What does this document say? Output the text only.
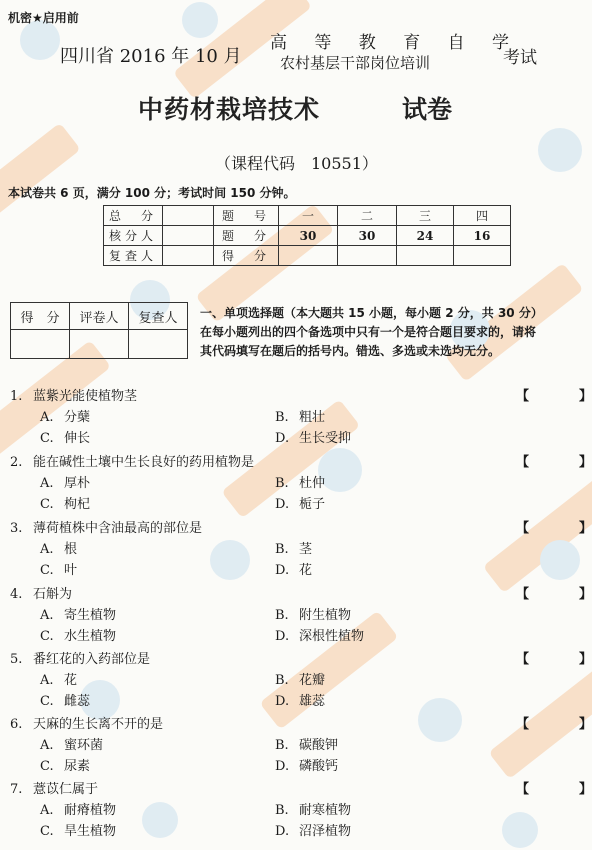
机密★启用前
四川省 2016 年 10 月
高 等 教 育 自 学
农村基层干部岗位培训	考试
中药材栽培技术	试卷
（课程代码　10551）
本试卷共 6 页，满分 100 分；考试时间 150 分钟。
总　分		题　号	一	二	三	四
核分人		题　分	30	30	24	16
复查人		得　分				
得　分	评卷人	复查人
		一、单项选择题（本大题共 15 小题，每小题 2 分，共 30 分）
在每小题列出的四个备选项中只有一个是符合题目要求的，请将
其代码填写在题后的括号内。错选、多选或未选均无分。
1. 蓝紫光能使植物茎	【	】
A. 分蘖	B. 粗壮
C. 伸长	D. 生长受抑
2. 能在碱性土壤中生长良好的药用植物是	【	】
A. 厚朴	B. 杜仲
C. 枸杞	D. 栀子
3. 薄荷植株中含油最高的部位是	【	】
A. 根	B. 茎
C. 叶	D. 花
4. 石斛为	【	】
A. 寄生植物	B. 附生植物
C. 水生植物	D. 深根性植物
5. 番红花的入药部位是	【	】
A. 花	B. 花瓣
C. 雌蕊	D. 雄蕊
6. 天麻的生长离不开的是	【	】
A. 蜜环菌	B. 碳酸钾
C. 尿素	D. 磷酸钙
7. 薏苡仁属于	【	】
A. 耐瘠植物	B. 耐寒植物
C. 旱生植物	D. 沼泽植物
